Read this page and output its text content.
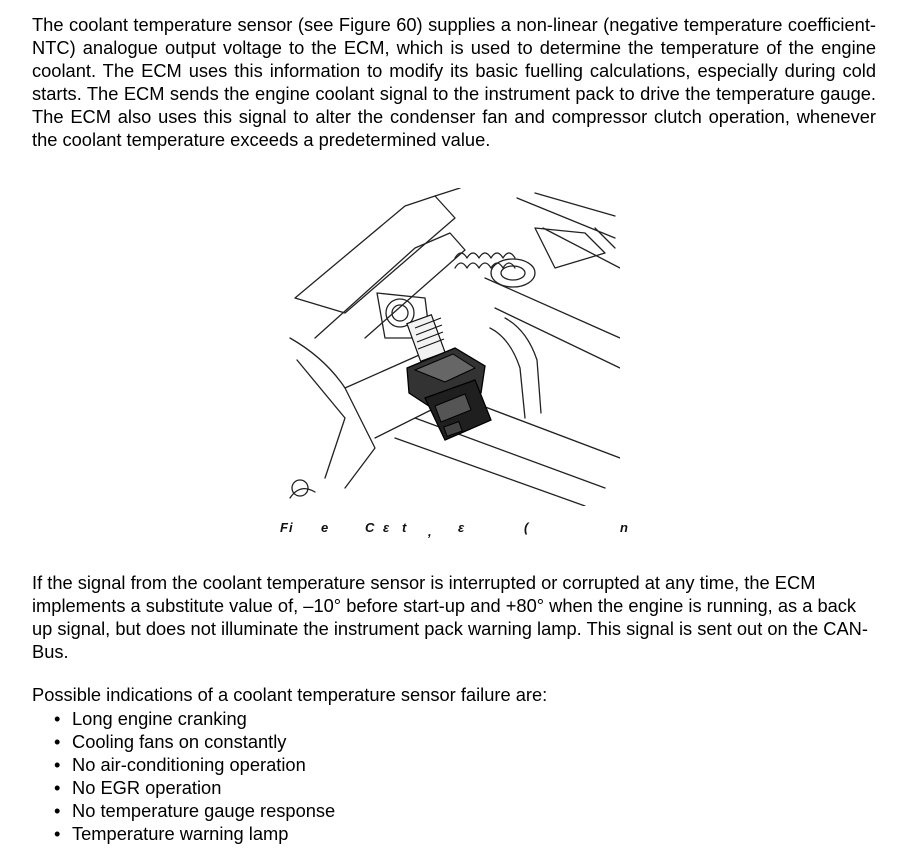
The coolant temperature sensor (see Figure 60) supplies a non-linear (negative temperature coefficient-NTC) analogue output voltage to the ECM, which is used to determine the temperature of the engine coolant. The ECM uses this information to modify its basic fuelling calculations, especially during cold starts. The ECM sends the engine coolant signal to the instrument pack to drive the temperature gauge. The ECM also uses this signal to alter the condenser fan and compressor clutch operation, whenever the coolant temperature exceeds a predetermined value.

Fi e	C ɛ t , ɛ	(	n

If the signal from the coolant temperature sensor is interrupted or corrupted at any time, the ECM implements a substitute value of, –10° before start-up and +80° when the engine is running, as a back up signal, but does not illuminate the instrument pack warning lamp. This signal is sent out on the CAN-Bus.

Possible indications of a coolant temperature sensor failure are:

• Long engine cranking
• Cooling fans on constantly
• No air-conditioning operation
• No EGR operation
• No temperature gauge response
• Temperature warning lamp
